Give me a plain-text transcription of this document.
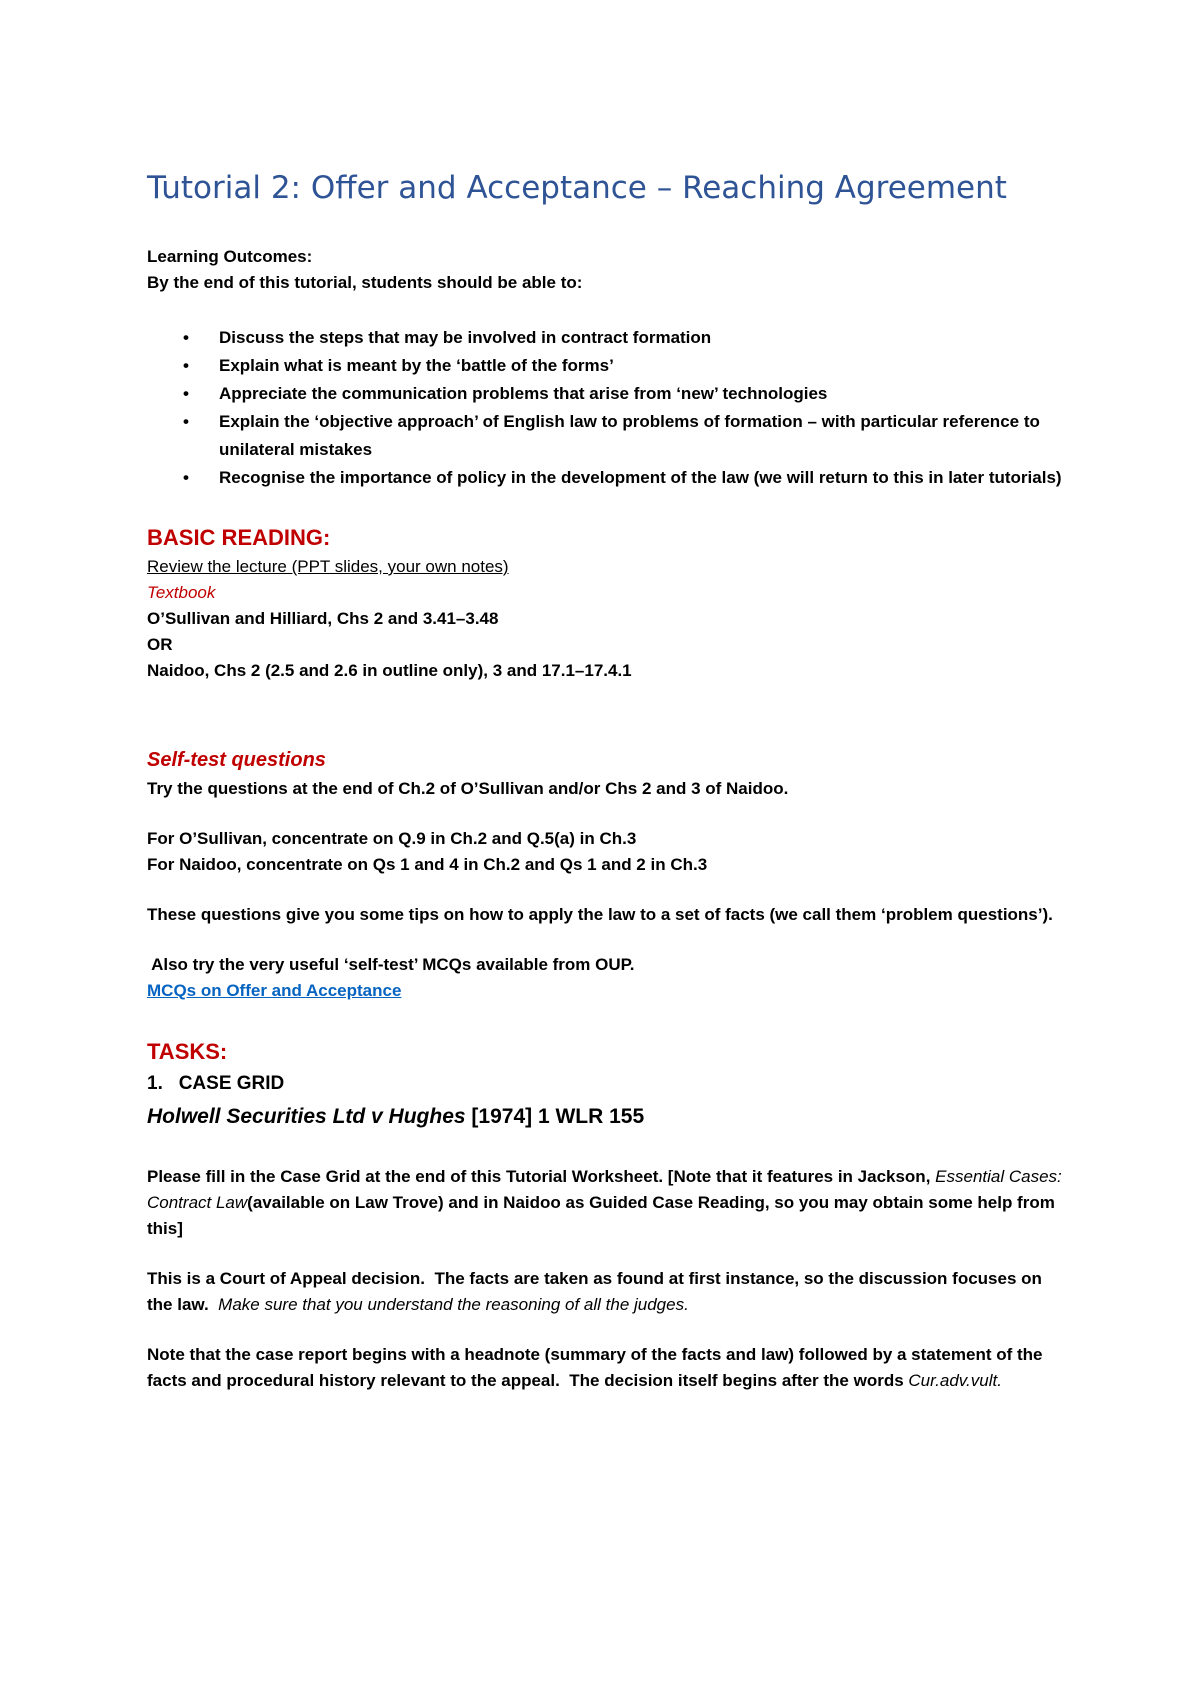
Tutorial 2: Offer and Acceptance – Reaching Agreement

Learning Outcomes:

By the end of this tutorial, students should be able to:

• Discuss the steps that may be involved in contract formation
• Explain what is meant by the ‘battle of the forms’
• Appreciate the communication problems that arise from ‘new’ technologies
• Explain the ‘objective approach’ of English law to problems of formation – with particular reference to unilateral mistakes
• Recognise the importance of policy in the development of the law (we will return to this in later tutorials)

BASIC READING:

Review the lecture (PPT slides, your own notes)

Textbook

O’Sullivan and Hilliard, Chs 2 and 3.41–3.48

OR

Naidoo, Chs 2 (2.5 and 2.6 in outline only), 3 and 17.1–17.4.1

Self-test questions

Try the questions at the end of Ch.2 of O’Sullivan and/or Chs 2 and 3 of Naidoo.

For O’Sullivan, concentrate on Q.9 in Ch.2 and Q.5(a) in Ch.3

For Naidoo, concentrate on Qs 1 and 4 in Ch.2 and Qs 1 and 2 in Ch.3

These questions give you some tips on how to apply the law to a set of facts (we call them ‘problem questions’).

Also try the very useful ‘self-test’ MCQs available from OUP.

MCQs on Offer and Acceptance

TASKS:

1. CASE GRID

Holwell Securities Ltd v Hughes [1974] 1 WLR 155

Please fill in the Case Grid at the end of this Tutorial Worksheet. [Note that it features in Jackson, Essential Cases: Contract Law(available on Law Trove) and in Naidoo as Guided Case Reading, so you may obtain some help from this]

This is a Court of Appeal decision.  The facts are taken as found at first instance, so the discussion focuses on the law.  Make sure that you understand the reasoning of all the judges.

Note that the case report begins with a headnote (summary of the facts and law) followed by a statement of the facts and procedural history relevant to the appeal.  The decision itself begins after the words Cur.adv.vult.
